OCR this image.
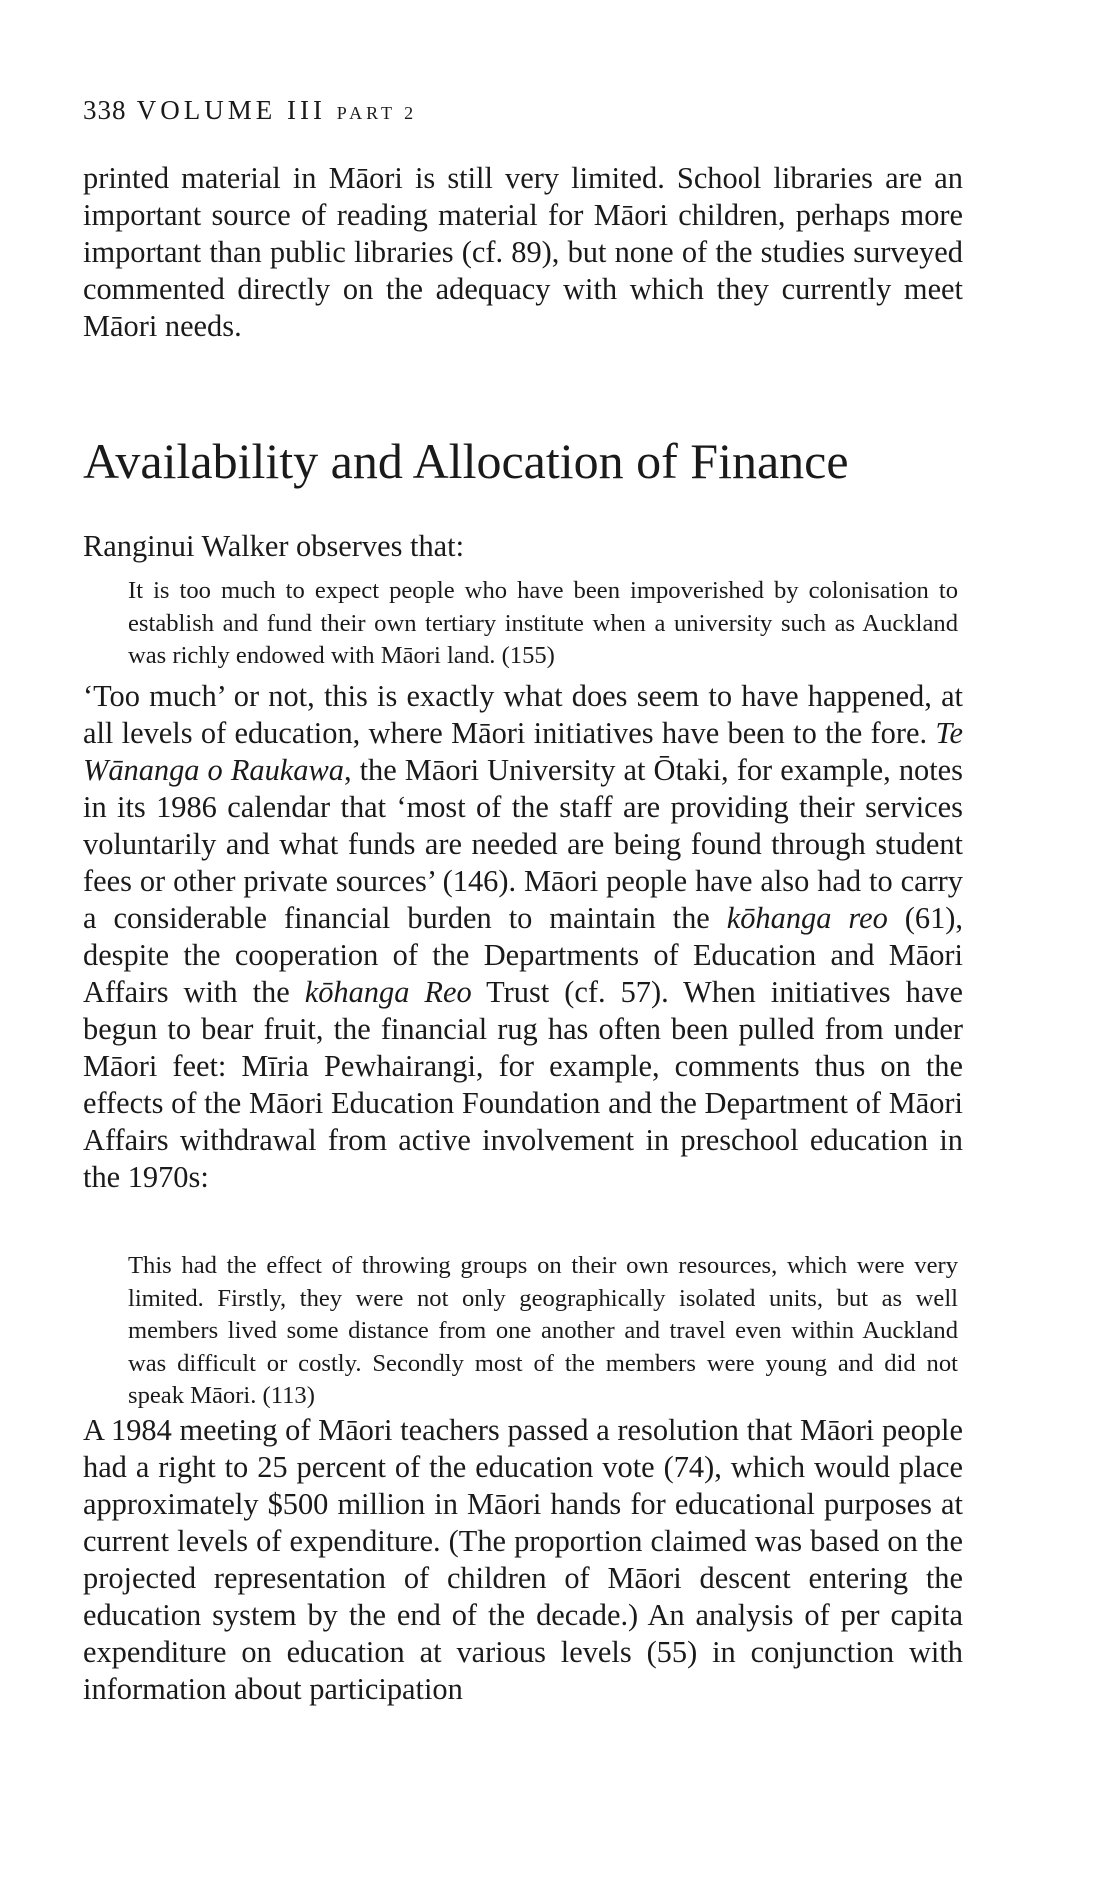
338 VOLUME III PART 2

printed material in Māori is still very limited. School libraries are an important source of reading material for Māori children, perhaps more important than public libraries (cf. 89), but none of the studies surveyed commented directly on the adequacy with which they currently meet Māori needs.

Availability and Allocation of Finance

Ranginui Walker observes that:

It is too much to expect people who have been impoverished by colonisation to establish and fund their own tertiary institute when a university such as Auckland was richly endowed with Māori land. (155)

‘Too much’ or not, this is exactly what does seem to have happened, at all levels of education, where Māori initiatives have been to the fore. Te Wānanga o Raukawa, the Māori University at Ōtaki, for example, notes in its 1986 calendar that ‘most of the staff are providing their services voluntarily and what funds are needed are being found through student fees or other private sources’ (146). Māori people have also had to carry a considerable financial burden to maintain the kōhanga reo (61), despite the cooperation of the Departments of Education and Māori Affairs with the kōhanga Reo Trust (cf. 57). When initiatives have begun to bear fruit, the financial rug has often been pulled from under Māori feet: Mīria Pewhairangi, for example, comments thus on the effects of the Māori Education Foundation and the Department of Māori Affairs withdrawal from active involvement in preschool education in the 1970s:

This had the effect of throwing groups on their own resources, which were very limited. Firstly, they were not only geographically isolated units, but as well members lived some distance from one another and travel even within Auckland was difficult or costly. Secondly most of the members were young and did not speak Māori. (113)

A 1984 meeting of Māori teachers passed a resolution that Māori people had a right to 25 percent of the education vote (74), which would place approximately $500 million in Māori hands for educational purposes at current levels of expenditure. (The proportion claimed was based on the projected representation of children of Māori descent entering the education system by the end of the decade.) An analysis of per capita expenditure on education at various levels (55) in conjunction with information about participation
